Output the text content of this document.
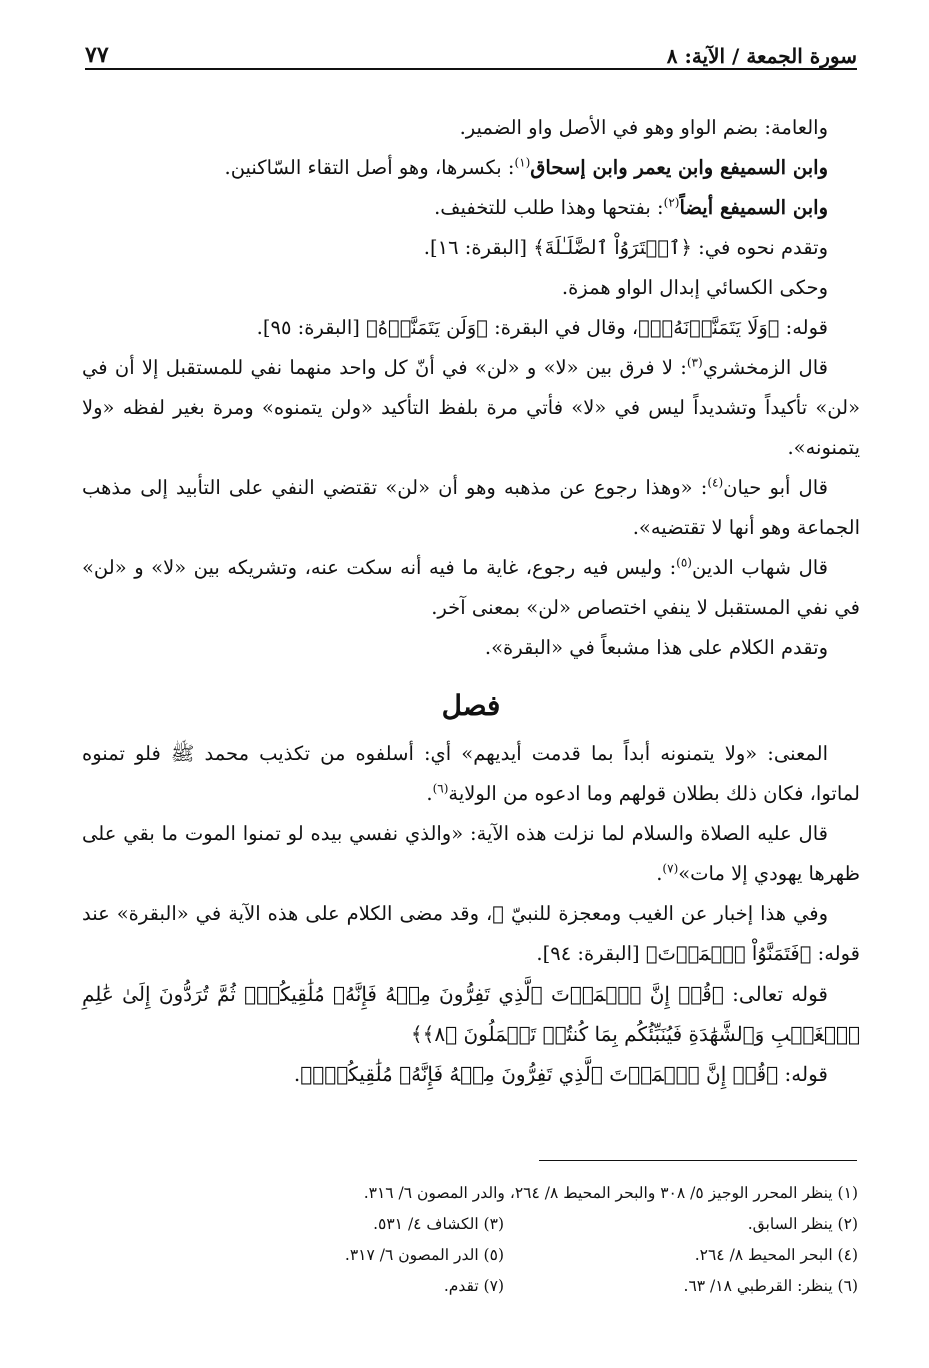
سورة الجمعة / الآية: ٨
٧٧

والعامة: بضم الواو وهو في الأصل واو الضمير.

وابن السميفع وابن يعمر وابن إسحاق$^{(١)}$: بكسرها، وهو أصل التقاء السّاكنين.

وابن السميفع أيضاً$^{(٢)}$: بفتحها وهذا طلب للتخفيف.

وتقدم نحوه في: ﴿ٱشۡتَرَوُاْ ٱلضَّلَـٰلَةَ﴾ [البقرة: ١٦].

وحكى الكسائي إبدال الواو همزة.

قوله: ﴿وَلَا يَتَمَنَّوۡنَهُۥٓ﴾، وقال في البقرة: ﴿وَلَن يَتَمَنَّوۡهُ﴾ [البقرة: ٩٥].

قال الزمخشري$^{(٣)}$: لا فرق بين «لا» و «لن» في أنّ كل واحد منهما نفي للمستقبل إلا أن في «لن» تأكيداً وتشديداً ليس في «لا» فأتي مرة بلفظ التأكيد «ولن يتمنوه» ومرة بغير لفظه «ولا يتمنونه».

قال أبو حيان$^{(٤)}$: «وهذا رجوع عن مذهبه وهو أن «لن» تقتضي النفي على التأبيد إلى مذهب الجماعة وهو أنها لا تقتضيه».

قال شهاب الدين$^{(٥)}$: وليس فيه رجوع، غاية ما فيه أنه سكت عنه، وتشريكه بين «لا» و «لن» في نفي المستقبل لا ينفي اختصاص «لن» بمعنى آخر.

وتقدم الكلام على هذا مشبعاً في «البقرة».

فصل

المعنى: «ولا يتمنونه أبداً بما قدمت أيديهم» أي: أسلفوه من تكذيب محمد ﷺ فلو تمنوه لماتوا، فكان ذلك بطلان قولهم وما ادعوه من الولاية$^{(٦)}$.

قال عليه الصلاة والسلام لما نزلت هذه الآية: «والذي نفسي بيده لو تمنوا الموت ما بقي على ظهرها يهودي إلا مات»$^{(٧)}$.

وفي هذا إخبار عن الغيب ومعجزة للنبيّ ﷺ، وقد مضى الكلام على هذه الآية في «البقرة» عند قوله: ﴿فَتَمَنَّوُاْ ٱلۡمَوۡتَ﴾ [البقرة: ٩٤].

قوله تعالى: ﴿قُلۡ إِنَّ ٱلۡمَوۡتَ ٱلَّذِي تَفِرُّونَ مِنۡهُ فَإِنَّهُۥ مُلَٰقِيكُمۡۖ ثُمَّ تُرَدُّونَ إِلَىٰ عَٰلِمِ ٱلۡغَيۡبِ وَٱلشَّهَٰدَةِ فَيُنَبِّئُكُم بِمَا كُنتُمۡ تَعۡمَلُونَ ﴿٨﴾﴾

قوله: ﴿قُلۡ إِنَّ ٱلۡمَوۡتَ ٱلَّذِي تَفِرُّونَ مِنۡهُ فَإِنَّهُۥ مُلَٰقِيكُمۡۖ﴾.

(١) ينظر المحرر الوجيز ٥/ ٣٠٨ والبحر المحيط ٨/ ٢٦٤، والدر المصون ٦/ ٣١٦.
(٢) ينظر السابق.
(٣) الكشاف ٤/ ٥٣١.
(٤) البحر المحيط ٨/ ٢٦٤.
(٥) الدر المصون ٦/ ٣١٧.
(٦) ينظر: القرطبي ١٨/ ٦٣.
(٧) تقدم.
